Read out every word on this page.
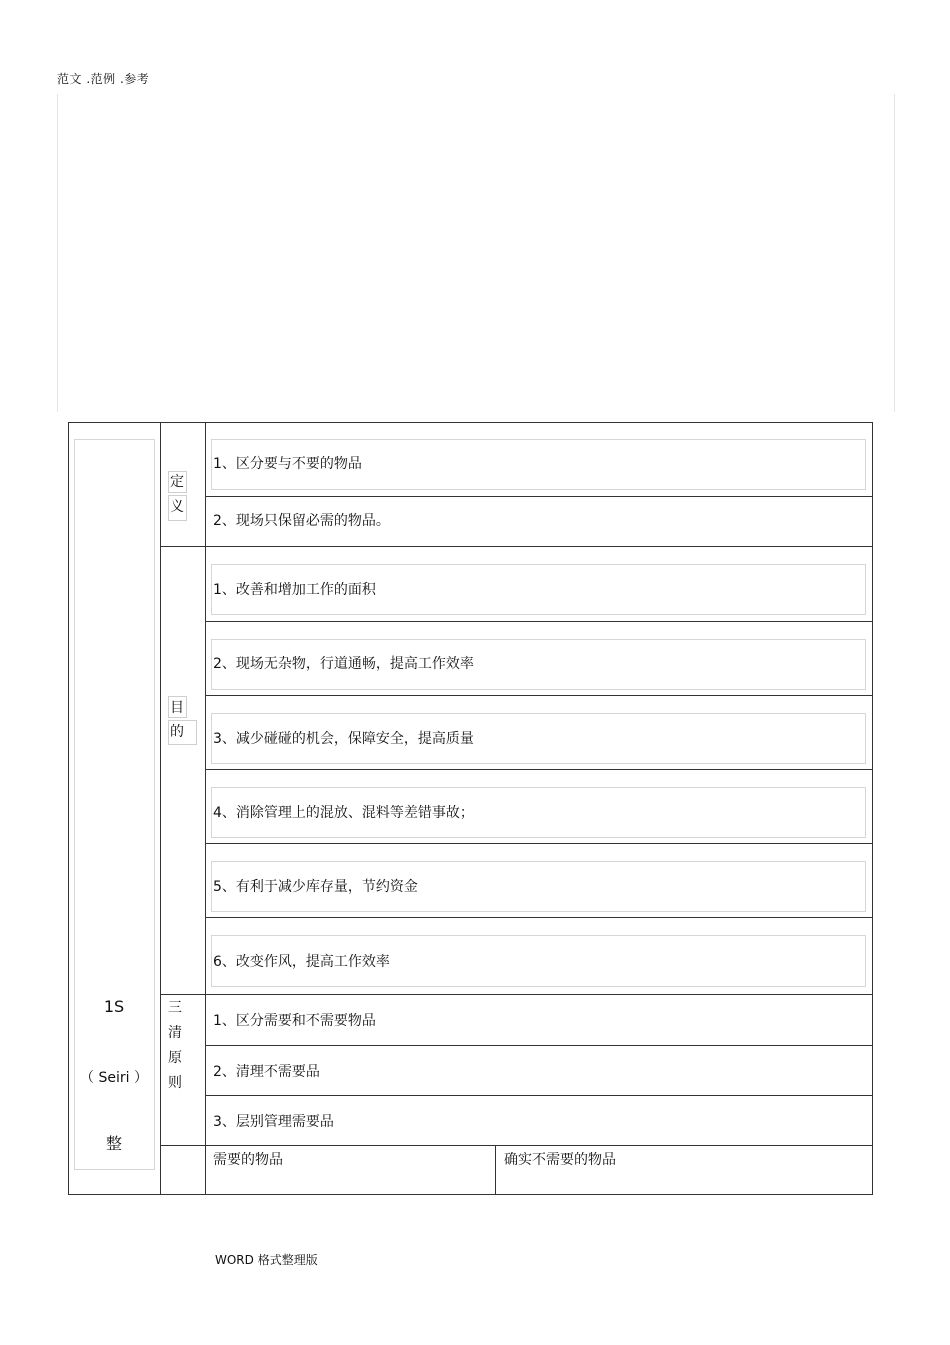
范文 .范例 .参考
1S
（ Seiri ）
整
定
义
目
的
三
清
原
则
1、区分要与不要的物品
2、现场只保留必需的物品。
1、改善和增加工作的面积
2、现场无杂物，行道通畅，提高工作效率
3、减少碰碰的机会，保障安全，提高质量
4、消除管理上的混放、混料等差错事故；
5、有利于减少库存量，节约资金
6、改变作风，提高工作效率
1、区分需要和不需要物品
2、清理不需要品
3、层别管理需要品
需要的物品	确实不需要的物品
WORD 格式整理版
